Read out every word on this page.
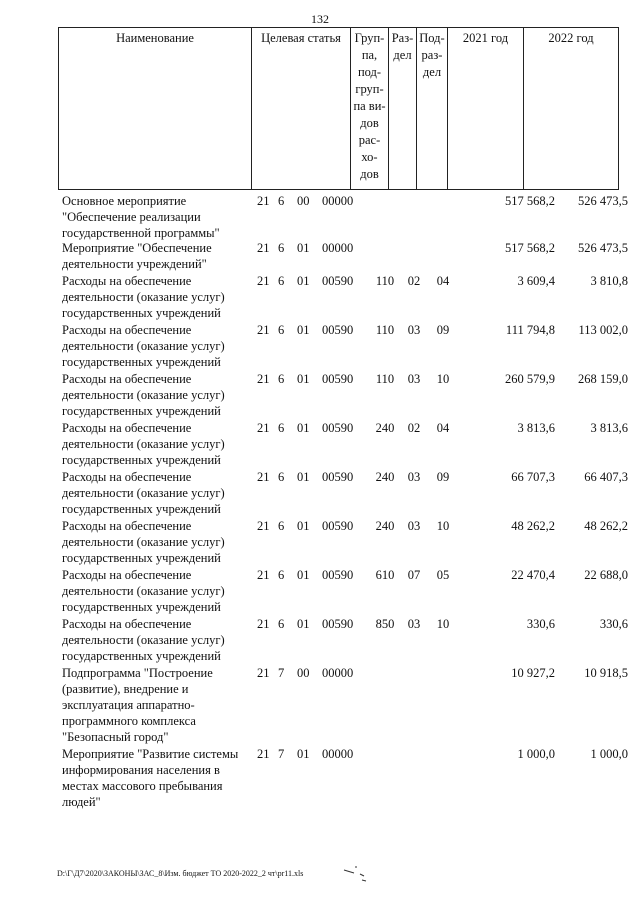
132
Наименование	Целевая статья	Груп-
па,
под-
груп-
па ви-
дов
рас-
хо-
дов	Раз-
дел	Под-
раз-
дел	2021 год	2022 год
Основное мероприятие "Обеспечение реализации государственной программы"
21 6 00 00000	517 568,2	526 473,5
Мероприятие "Обеспечение деятельности учреждений"
21 6 01 00000	517 568,2	526 473,5
Расходы на обеспечение деятельности (оказание услуг) государственных учреждений
21 6 01 00590	110	02	04	3 609,4	3 810,8
Расходы на обеспечение деятельности (оказание услуг) государственных учреждений
21 6 01 00590	110	03	09	111 794,8	113 002,0
Расходы на обеспечение деятельности (оказание услуг) государственных учреждений
21 6 01 00590	110	03	10	260 579,9	268 159,0
Расходы на обеспечение деятельности (оказание услуг) государственных учреждений
21 6 01 00590	240	02	04	3 813,6	3 813,6
Расходы на обеспечение деятельности (оказание услуг) государственных учреждений
21 6 01 00590	240	03	09	66 707,3	66 407,3
Расходы на обеспечение деятельности (оказание услуг) государственных учреждений
21 6 01 00590	240	03	10	48 262,2	48 262,2
Расходы на обеспечение деятельности (оказание услуг) государственных учреждений
21 6 01 00590	610	07	05	22 470,4	22 688,0
Расходы на обеспечение деятельности (оказание услуг) государственных учреждений
21 6 01 00590	850	03	10	330,6	330,6
Подпрограмма "Построение (развитие), внедрение и эксплуатация аппаратно-программного комплекса "Безопасный город"
21 7 00 00000	10 927,2	10 918,5
Мероприятие "Развитие системы информирования населения в местах массового пребывания людей"
21 7 01 00000	1 000,0	1 000,0
D:\Г\Д7\2020\ЗАКОНЫ\ЗАС_8\Изм. бюджет ТО 2020-2022_2 чт\pr11.xls
